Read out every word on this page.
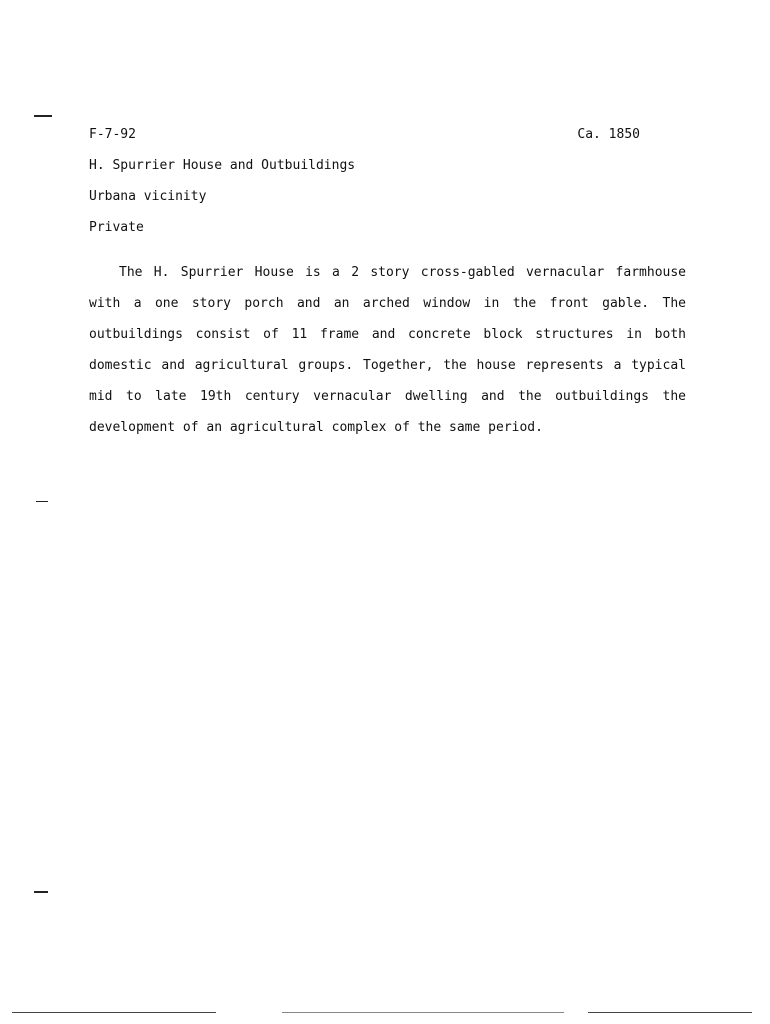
F-7-92	Ca. 1850
H. Spurrier House and Outbuildings
Urbana vicinity
Private

The H. Spurrier House is a 2 story cross-gabled vernacular farmhouse with a one story porch and an arched window in the front gable. The outbuildings consist of 11 frame and concrete block structures in both domestic and agricultural groups. Together, the house represents a typical mid to late 19th century vernacular dwelling and the outbuildings the development of an agricultural complex of the same period.
